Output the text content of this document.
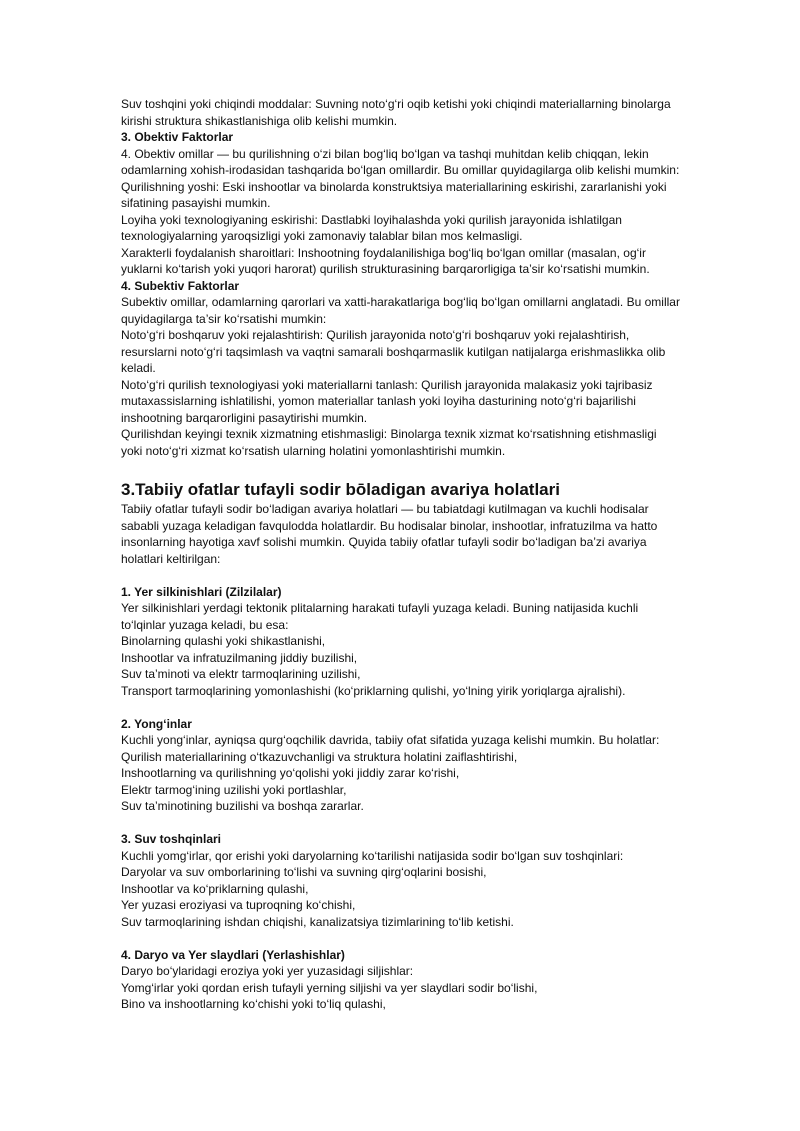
Suv toshqini yoki chiqindi moddalar: Suvning noto‘g‘ri oqib ketishi yoki chiqindi materiallarning binolarga kirishi struktura shikastlanishiga olib kelishi mumkin.

3. Obektiv Faktorlar

4. Obektiv omillar — bu qurilishning o‘zi bilan bog‘liq bo‘lgan va tashqi muhitdan kelib chiqqan, lekin odamlarning xohish-irodasidan tashqarida bo‘lgan omillardir. Bu omillar quyidagilarga olib kelishi mumkin:

Qurilishning yoshi: Eski inshootlar va binolarda konstruktsiya materiallarining eskirishi, zararlanishi yoki sifatining pasayishi mumkin.

Loyiha yoki texnologiyaning eskirishi: Dastlabki loyihalashda yoki qurilish jarayonida ishlatilgan texnologiyalarning yaroqsizligi yoki zamonaviy talablar bilan mos kelmasligi.

Xarakterli foydalanish sharoitlari: Inshootning foydalanilishiga bog‘liq bo‘lgan omillar (masalan, og‘ir yuklarni ko‘tarish yoki yuqori harorat) qurilish strukturasining barqarorligiga ta’sir ko‘rsatishi mumkin.

4. Subektiv Faktorlar

Subektiv omillar, odamlarning qarorlari va xatti-harakatlariga bog‘liq bo‘lgan omillarni anglatadi. Bu omillar quyidagilarga ta’sir ko‘rsatishi mumkin:

Noto‘g‘ri boshqaruv yoki rejalashtirish: Qurilish jarayonida noto‘g‘ri boshqaruv yoki rejalashtirish, resurslarni noto‘g‘ri taqsimlash va vaqtni samarali boshqarmaslik kutilgan natijalarga erishmaslikka olib keladi.

Noto‘g‘ri qurilish texnologiyasi yoki materiallarni tanlash: Qurilish jarayonida malakasiz yoki tajribasiz mutaxassislarning ishlatilishi, yomon materiallar tanlash yoki loyiha dasturining noto‘g‘ri bajarilishi inshootning barqarorligini pasaytirishi mumkin.

Qurilishdan keyingi texnik xizmatning etishmasligi: Binolarga texnik xizmat ko‘rsatishning etishmasligi yoki noto‘g‘ri xizmat ko‘rsatish ularning holatini yomonlashtirishi mumkin.

3.Tabiiy ofatlar tufayli sodir bōladigan avariya holatlari

Tabiiy ofatlar tufayli sodir bo‘ladigan avariya holatlari — bu tabiatdagi kutilmagan va kuchli hodisalar sababli yuzaga keladigan favqulodda holatlardir. Bu hodisalar binolar, inshootlar, infratuzilma va hatto insonlarning hayotiga xavf solishi mumkin. Quyida tabiiy ofatlar tufayli sodir bo‘ladigan ba’zi avariya holatlari keltirilgan:

1. Yer silkinishlari (Zilzilalar)

Yer silkinishlari yerdagi tektonik plitalarning harakati tufayli yuzaga keladi. Buning natijasida kuchli to‘lqinlar yuzaga keladi, bu esa:

Binolarning qulashi yoki shikastlanishi,

Inshootlar va infratuzilmaning jiddiy buzilishi,

Suv ta’minoti va elektr tarmoqlarining uzilishi,

Transport tarmoqlarining yomonlashishi (ko‘priklarning qulishi, yo‘lning yirik yoriqlarga ajralishi).

2. Yong‘inlar

Kuchli yong‘inlar, ayniqsa qurg‘oqchilik davrida, tabiiy ofat sifatida yuzaga kelishi mumkin. Bu holatlar:

Qurilish materiallarining o‘tkazuvchanligi va struktura holatini zaiflashtirishi,

Inshootlarning va qurilishning yo‘qolishi yoki jiddiy zarar ko‘rishi,

Elektr tarmog‘ining uzilishi yoki portlashlar,

Suv ta’minotining buzilishi va boshqa zararlar.

3. Suv toshqinlari

Kuchli yomg‘irlar, qor erishi yoki daryolarning ko‘tarilishi natijasida sodir bo‘lgan suv toshqinlari:

Daryolar va suv omborlarining to‘lishi va suvning qirg‘oqlarini bosishi,

Inshootlar va ko‘priklarning qulashi,

Yer yuzasi eroziyasi va tuproqning ko‘chishi,

Suv tarmoqlarining ishdan chiqishi, kanalizatsiya tizimlarining to‘lib ketishi.

4. Daryo va Yer slaydlari (Yerlashishlar)

Daryo bo‘ylaridagi eroziya yoki yer yuzasidagi siljishlar:

Yomg‘irlar yoki qordan erish tufayli yerning siljishi va yer slaydlari sodir bo‘lishi,

Bino va inshootlarning ko‘chishi yoki to‘liq qulashi,
